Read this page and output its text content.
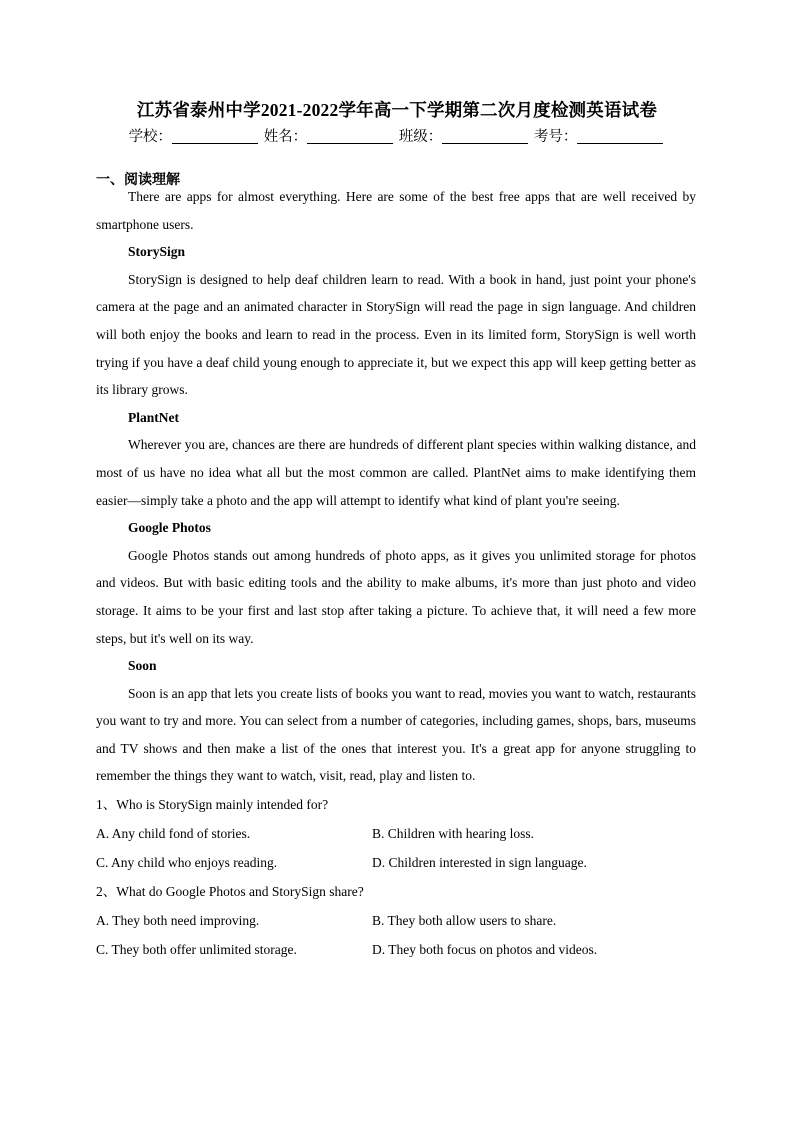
江苏省泰州中学2021-2022学年高一下学期第二次月度检测英语试卷
学校：	姓名：	班级：	考号：
一、阅读理解

There are apps for almost everything. Here are some of the best free apps that are well received by smartphone users.

StorySign

StorySign is designed to help deaf children learn to read. With a book in hand, just point your phone's camera at the page and an animated character in StorySign will read the page in sign language. And children will both enjoy the books and learn to read in the process. Even in its limited form, StorySign is well worth trying if you have a deaf child young enough to appreciate it, but we expect this app will keep getting better as its library grows.

PlantNet

Wherever you are, chances are there are hundreds of different plant species within walking distance, and most of us have no idea what all but the most common are called. PlantNet aims to make identifying them easier—simply take a photo and the app will attempt to identify what kind of plant you're seeing.

Google Photos

Google Photos stands out among hundreds of photo apps, as it gives you unlimited storage for photos and videos. But with basic editing tools and the ability to make albums, it's more than just photo and video storage. It aims to be your first and last stop after taking a picture. To achieve that, it will need a few more steps, but it's well on its way.

Soon

Soon is an app that lets you create lists of books you want to read, movies you want to watch, restaurants you want to try and more. You can select from a number of categories, including games, shops, bars, museums and TV shows and then make a list of the ones that interest you. It's a great app for anyone struggling to remember the things they want to watch, visit, read, play and listen to.

1、Who is StorySign mainly intended for?

A. Any child fond of stories.	B. Children with hearing loss.
C. Any child who enjoys reading.	D. Children interested in sign language.

2、What do Google Photos and StorySign share?

A. They both need improving.	B. They both allow users to share.
C. They both offer unlimited storage.	D. They both focus on photos and videos.
